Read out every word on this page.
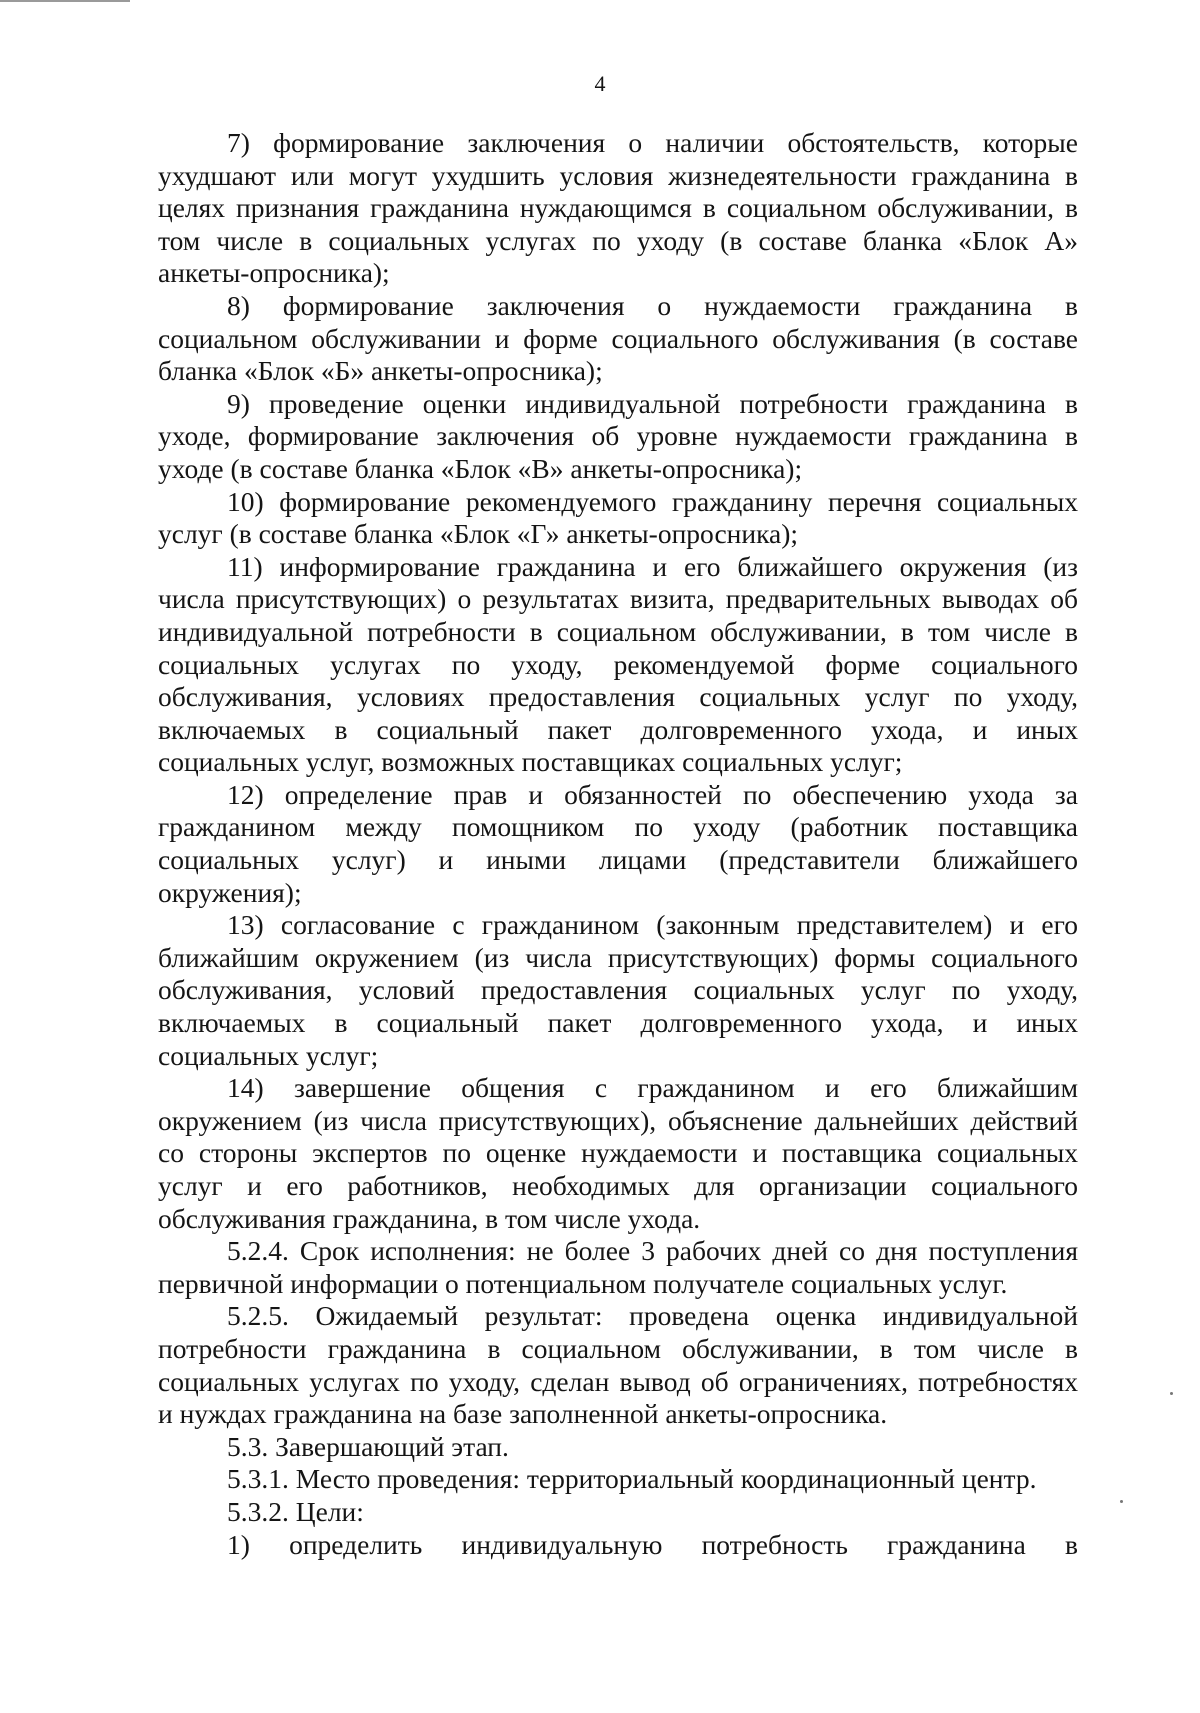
4
7) формирование заключения о наличии обстоятельств, которые
ухудшают или могут ухудшить условия жизнедеятельности гражданина в
целях признания гражданина нуждающимся в социальном обслуживании, в
том числе в социальных услугах по уходу (в составе бланка «Блок А»
анкеты-опросника);
8) формирование заключения о нуждаемости гражданина в
социальном обслуживании и форме социального обслуживания (в составе
бланка «Блок «Б» анкеты-опросника);
9) проведение оценки индивидуальной потребности гражданина в
уходе, формирование заключения об уровне нуждаемости гражданина в
уходе (в составе бланка «Блок «В» анкеты-опросника);
10) формирование рекомендуемого гражданину перечня социальных
услуг (в составе бланка «Блок «Г» анкеты-опросника);
11) информирование гражданина и его ближайшего окружения (из
числа присутствующих) о результатах визита, предварительных выводах об
индивидуальной потребности в социальном обслуживании, в том числе в
социальных услугах по уходу, рекомендуемой форме социального
обслуживания, условиях предоставления социальных услуг по уходу,
включаемых в социальный пакет долговременного ухода, и иных
социальных услуг, возможных поставщиках социальных услуг;
12) определение прав и обязанностей по обеспечению ухода за
гражданином между помощником по уходу (работник поставщика
социальных услуг) и иными лицами (представители ближайшего
окружения);
13) согласование с гражданином (законным представителем) и его
ближайшим окружением (из числа присутствующих) формы социального
обслуживания, условий предоставления социальных услуг по уходу,
включаемых в социальный пакет долговременного ухода, и иных
социальных услуг;
14) завершение общения с гражданином и его ближайшим
окружением (из числа присутствующих), объяснение дальнейших действий
со стороны экспертов по оценке нуждаемости и поставщика социальных
услуг и его работников, необходимых для организации социального
обслуживания гражданина, в том числе ухода.
5.2.4. Срок исполнения: не более 3 рабочих дней со дня поступления
первичной информации о потенциальном получателе социальных услуг.
5.2.5. Ожидаемый результат: проведена оценка индивидуальной
потребности гражданина в социальном обслуживании, в том числе в
социальных услугах по уходу, сделан вывод об ограничениях, потребностях
и нуждах гражданина на базе заполненной анкеты-опросника.
5.3. Завершающий этап.
5.3.1. Место проведения: территориальный координационный центр.
5.3.2. Цели:
1) определить индивидуальную потребность гражданина в
